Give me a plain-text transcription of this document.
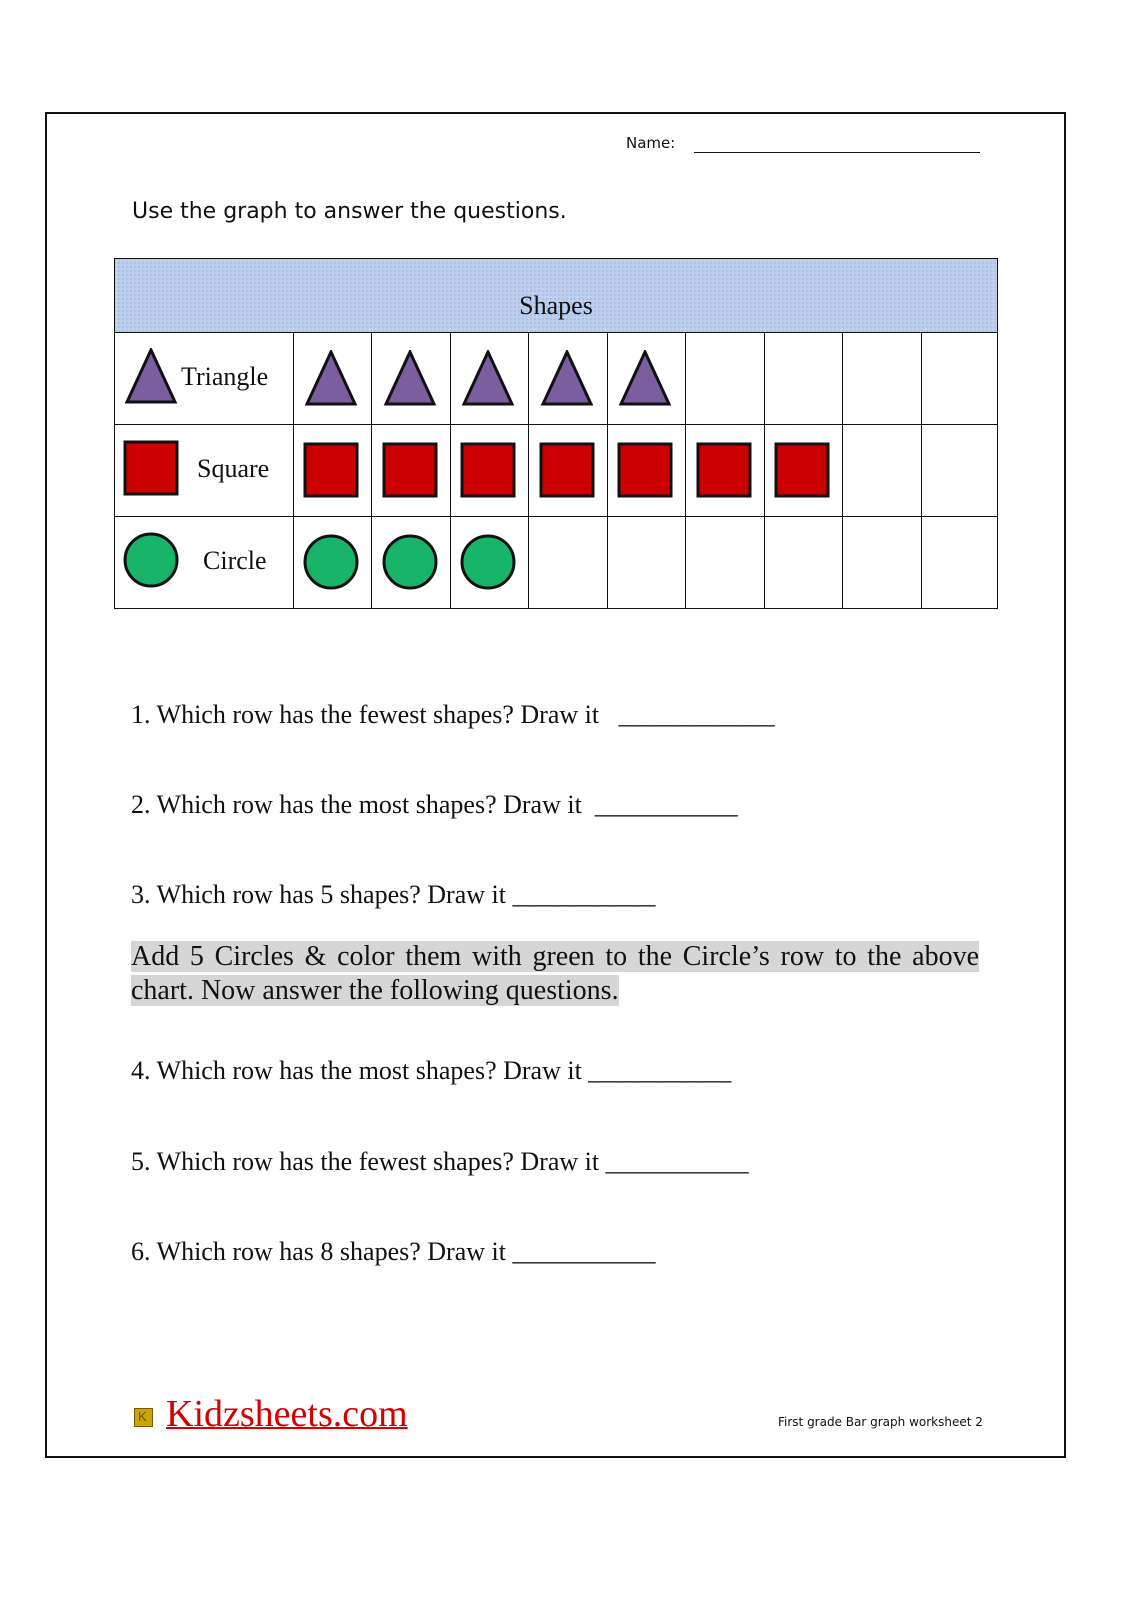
Name:
Use the graph to answer the questions.
Shapes
Triangle
Square
Circle
1. Which row has the fewest shapes? Draw it   ____________
2. Which row has the most shapes? Draw it  ___________
3. Which row has 5 shapes? Draw it ___________
Add 5 Circles & color them with green to the Circle’s row to the above chart. Now answer the following questions.
4. Which row has the most shapes? Draw it ___________
5. Which row has the fewest shapes? Draw it ___________
6. Which row has 8 shapes? Draw it ___________
K
Kidzsheets.com	First grade Bar graph worksheet 2
